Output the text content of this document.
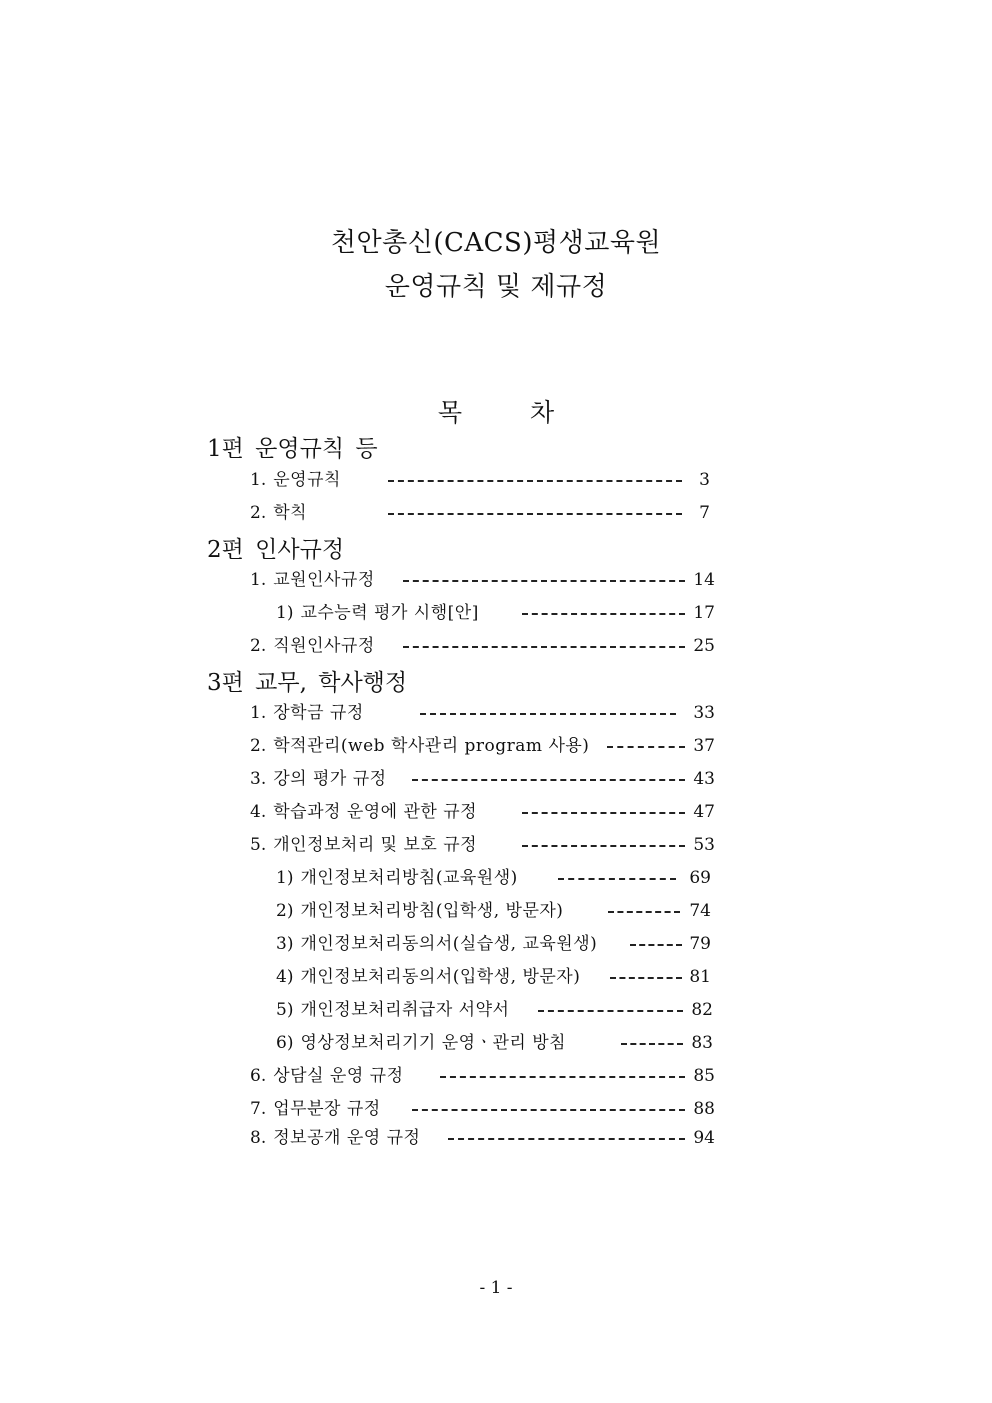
천안총신(CACS)평생교육원
운영규칙 및 제규정
목 차
1편 운영규칙 등
1. 운영규칙	3
2. 학칙	7
2편 인사규정
1. 교원인사규정	14
1) 교수능력 평가 시행[안]	17
2. 직원인사규정	25
3편 교무, 학사행정
1. 장학금 규정	33
2. 학적관리(web 학사관리 program 사용)	37
3. 강의 평가 규정	43
4. 학습과정 운영에 관한 규정	47
5. 개인정보처리 및 보호 규정	53
1) 개인정보처리방침(교육원생)	69
2) 개인정보처리방침(입학생, 방문자)	74
3) 개인정보처리동의서(실습생, 교육원생)	79
4) 개인정보처리동의서(입학생, 방문자)	81
5) 개인정보처리취급자 서약서	82
6) 영상정보처리기기 운영ㆍ관리 방침	83
6. 상담실 운영 규정	85
7. 업무분장 규정	88
8. 정보공개 운영 규정	94
- 1 -
